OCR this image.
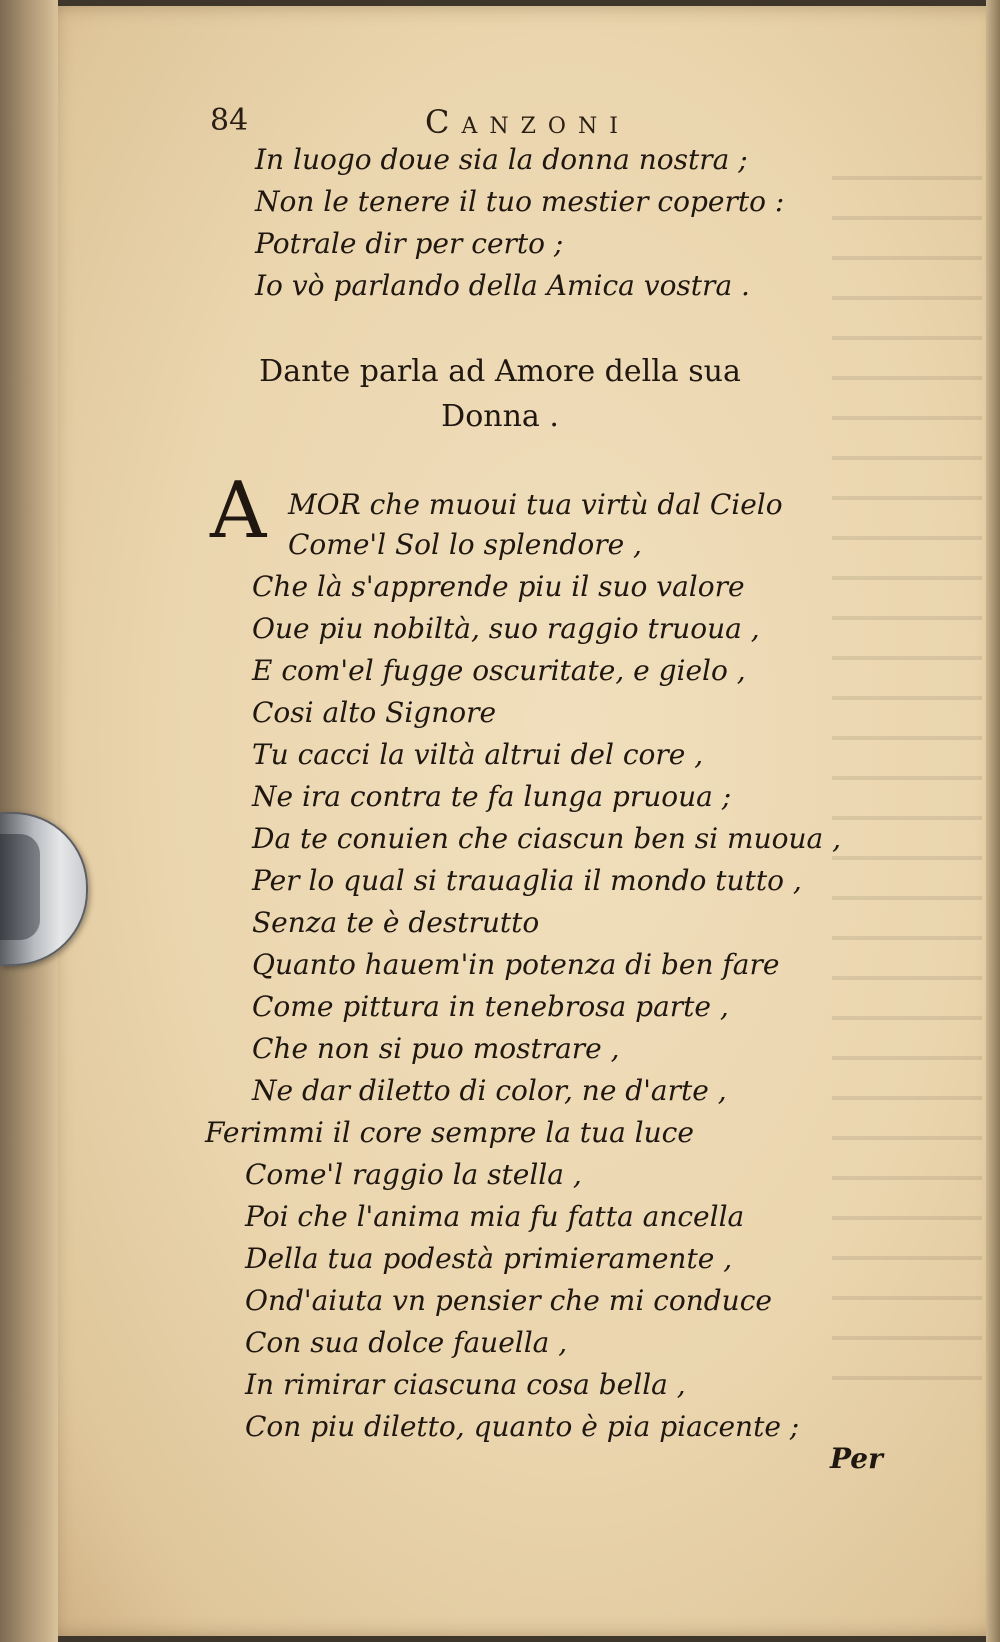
84	Canzoni
In luogo doue sia la donna nostra ;
Non le tenere il tuo mestier coperto :
Potrale dir per certo ;
Io vò parlando della Amica vostra .
Dante parla ad Amore della sua
Donna .
A MOR che muoui tua virtù dal Cielo
Come'l Sol lo splendore ,
Che là s'apprende piu il suo valore
Oue piu nobiltà, suo raggio truoua ,
E com'el fugge oscuritate, e gielo ,
Cosi alto Signore
Tu cacci la viltà altrui del core ,
Ne ira contra te fa lunga pruoua ;
Da te conuien che ciascun ben si muoua ,
Per lo qual si trauaglia il mondo tutto ,
Senza te è destrutto
Quanto hauem'in potenza di ben fare
Come pittura in tenebrosa parte ,
Che non si puo mostrare ,
Ne dar diletto di color, ne d'arte ,
Ferimmi il core sempre la tua luce
Come'l raggio la stella ,
Poi che l'anima mia fu fatta ancella
Della tua podestà primieramente ,
Ond'aiuta vn pensier che mi conduce
Con sua dolce fauella ,
In rimirar ciascuna cosa bella ,
Con piu diletto, quanto è pia piacente ;
Per
